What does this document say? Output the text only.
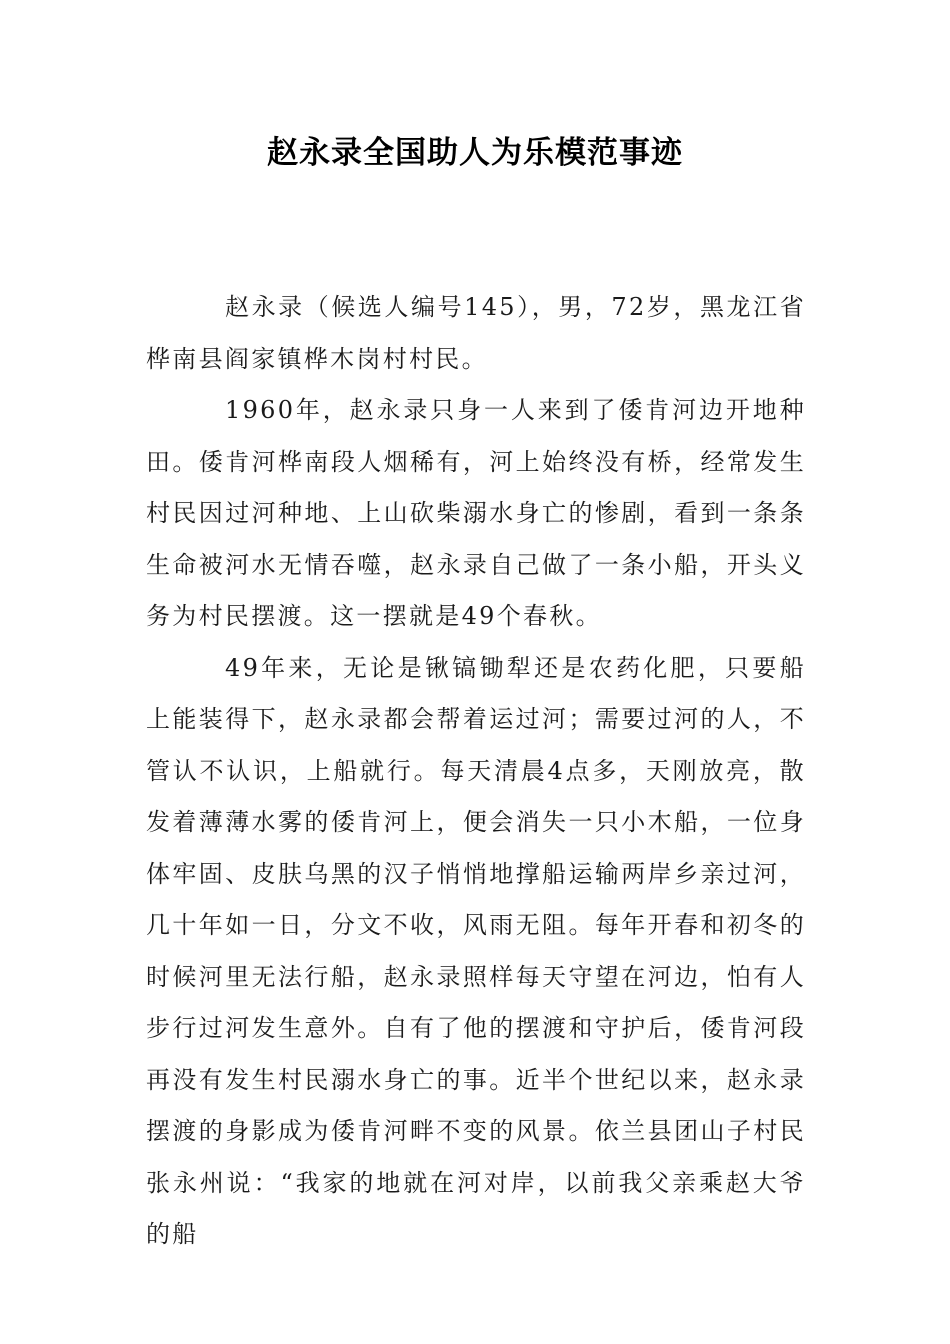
赵永录全国助人为乐模范事迹

赵永录（候选人编号145），男，72岁，黑龙江省桦南县阎家镇桦木岗村村民。

1960年，赵永录只身一人来到了倭肯河边开地种田。倭肯河桦南段人烟稀有，河上始终没有桥，经常发生村民因过河种地、上山砍柴溺水身亡的惨剧，看到一条条生命被河水无情吞噬，赵永录自己做了一条小船，开头义务为村民摆渡。这一摆就是49个春秋。

49年来，无论是锹镐锄犁还是农药化肥，只要船上能装得下，赵永录都会帮着运过河；需要过河的人，不管认不认识，上船就行。每天清晨4点多，天刚放亮，散发着薄薄水雾的倭肯河上，便会消失一只小木船，一位身体牢固、皮肤乌黑的汉子悄悄地撑船运输两岸乡亲过河，几十年如一日，分文不收，风雨无阻。每年开春和初冬的时候河里无法行船，赵永录照样每天守望在河边，怕有人步行过河发生意外。自有了他的摆渡和守护后，倭肯河段再没有发生村民溺水身亡的事。近半个世纪以来，赵永录摆渡的身影成为倭肯河畔不变的风景。依兰县团山子村民张永州说：“我家的地就在河对岸，以前我父亲乘赵大爷的船
